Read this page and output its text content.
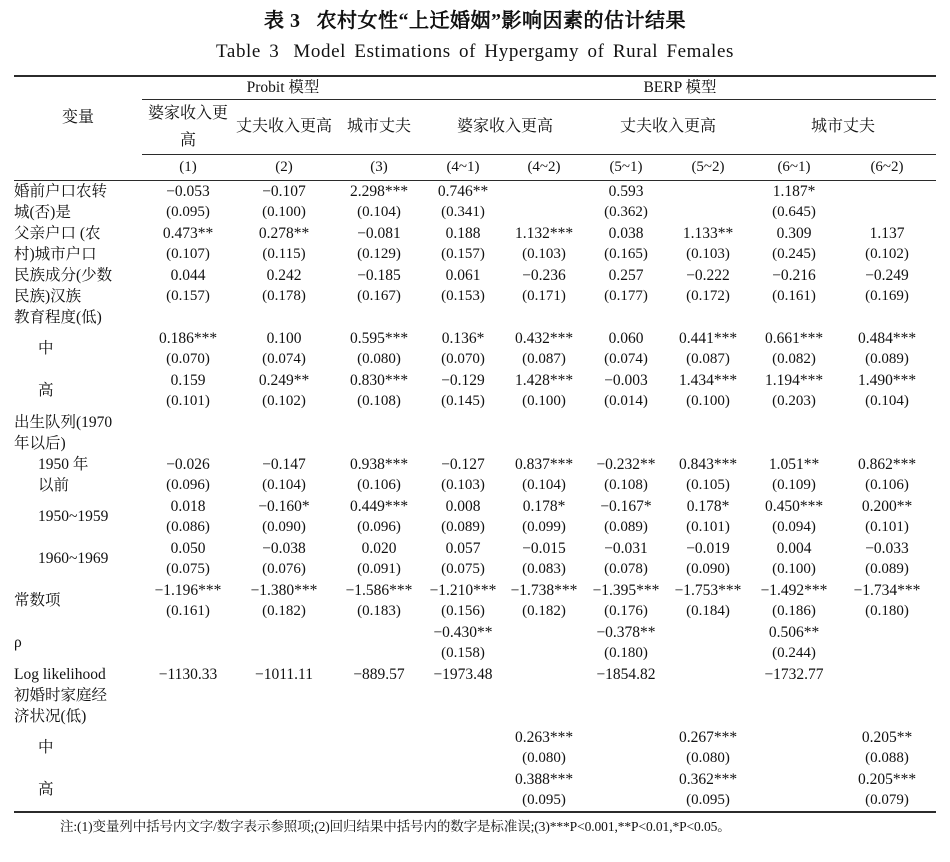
表 3 农村女性“上迁婚姻”影响因素的估计结果
Table 3 Model Estimations of Hypergamy of Rural Females

变量	Probit 模型			BERP 模型					
	婆家收入更高	丈夫收入更高	城市丈夫	婆家收入更高		丈夫收入更高		城市丈夫	
	(1)	(2)	(3)	(4~1)	(4~2)	(5~1)	(5~2)	(6~1)	(6~2)

婚前户口农转	−0.053	−0.107	2.298***	0.746**		0.593		1.187*	
城(否)是	(0.095)	(0.100)	(0.104)	(0.341)		(0.362)		(0.645)	
父亲户口 (农	0.473**	0.278**	−0.081	0.188	1.132***	0.038	1.133**	0.309	1.137
村)城市户口	(0.107)	(0.115)	(0.129)	(0.157)	(0.103)	(0.165)	(0.103)	(0.245)	(0.102)
民族成分(少数	0.044	0.242	−0.185	0.061	−0.236	0.257	−0.222	−0.216	−0.249
民族)汉族	(0.157)	(0.178)	(0.167)	(0.153)	(0.171)	(0.177)	(0.172)	(0.161)	(0.169)
教育程度(低)									
中	0.186***	0.100	0.595***	0.136*	0.432***	0.060	0.441***	0.661***	0.484***
	(0.070)	(0.074)	(0.080)	(0.070)	(0.087)	(0.074)	(0.087)	(0.082)	(0.089)
高	0.159	0.249**	0.830***	−0.129	1.428***	−0.003	1.434***	1.194***	1.490***
	(0.101)	(0.102)	(0.108)	(0.145)	(0.100)	(0.014)	(0.100)	(0.203)	(0.104)
出生队列(1970									
年以后)									
1950 年	−0.026	−0.147	0.938***	−0.127	0.837***	−0.232**	0.843***	1.051**	0.862***
以前	(0.096)	(0.104)	(0.106)	(0.103)	(0.104)	(0.108)	(0.105)	(0.109)	(0.106)
1950~1959	0.018	−0.160*	0.449***	0.008	0.178*	−0.167*	0.178*	0.450***	0.200**
	(0.086)	(0.090)	(0.096)	(0.089)	(0.099)	(0.089)	(0.101)	(0.094)	(0.101)
1960~1969	0.050	−0.038	0.020	0.057	−0.015	−0.031	−0.019	0.004	−0.033
	(0.075)	(0.076)	(0.091)	(0.075)	(0.083)	(0.078)	(0.090)	(0.100)	(0.089)
常数项	−1.196***	−1.380***	−1.586***	−1.210***	−1.738***	−1.395***	−1.753***	−1.492***	−1.734***
	(0.161)	(0.182)	(0.183)	(0.156)	(0.182)	(0.176)	(0.184)	(0.186)	(0.180)
ρ				−0.430**		−0.378**		0.506**	
				(0.158)		(0.180)		(0.244)	
Log likelihood	−1130.33	−1011.11	−889.57	−1973.48		−1854.82		−1732.77	
初婚时家庭经									
济状况(低)									
中					0.263***		0.267***		0.205**
					(0.080)		(0.080)		(0.088)
高					0.388***		0.362***		0.205***
					(0.095)		(0.095)		(0.079)

注:(1)变量列中括号内文字/数字表示参照项;(2)回归结果中括号内的数字是标准误;(3)***P<0.001,**P<0.01,*P<0.05。
